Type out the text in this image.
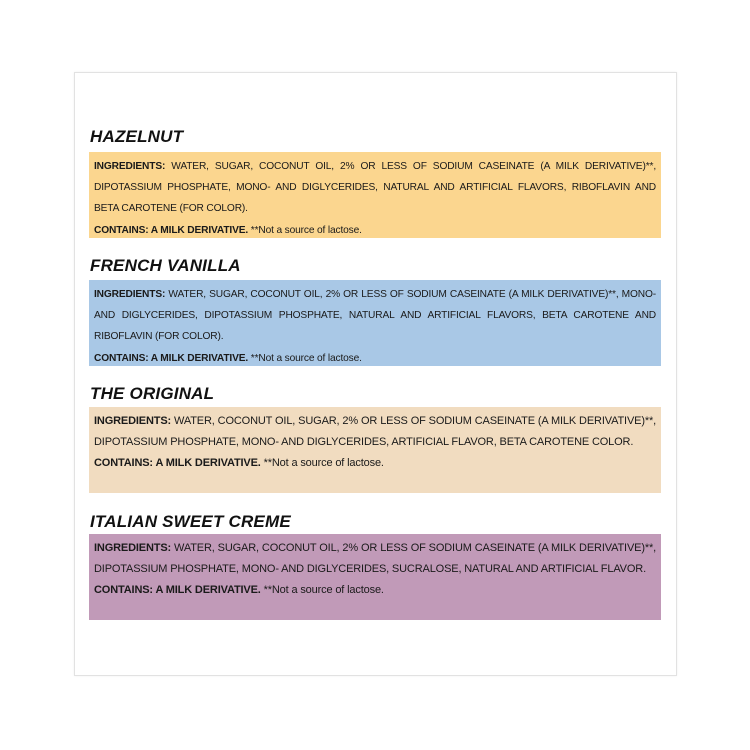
HAZELNUT
INGREDIENTS: WATER, SUGAR, COCONUT OIL, 2% OR LESS OF SODIUM CASEINATE (A MILK DERIVATIVE)**, DIPOTASSIUM PHOSPHATE, MONO- AND DIGLYCERIDES, NATURAL AND ARTIFICIAL FLAVORS, RIBOFLAVIN AND BETA CAROTENE (FOR COLOR).
CONTAINS: A MILK DERIVATIVE. **Not a source of lactose.
FRENCH VANILLA
INGREDIENTS: WATER, SUGAR, COCONUT OIL, 2% OR LESS OF SODIUM CASEINATE (A MILK DERIVATIVE)**, MONO- AND DIGLYCERIDES, DIPOTASSIUM PHOSPHATE, NATURAL AND ARTIFICIAL FLAVORS, BETA CAROTENE AND RIBOFLAVIN (FOR COLOR).
CONTAINS: A MILK DERIVATIVE. **Not a source of lactose.
THE ORIGINAL
INGREDIENTS: WATER, COCONUT OIL, SUGAR, 2% OR LESS OF SODIUM CASEINATE (A MILK DERIVATIVE)**, DIPOTASSIUM PHOSPHATE, MONO- AND DIGLYCERIDES, ARTIFICIAL FLAVOR, BETA CAROTENE COLOR.
CONTAINS: A MILK DERIVATIVE. **Not a source of lactose.
ITALIAN SWEET CREME
INGREDIENTS: WATER, SUGAR, COCONUT OIL, 2% OR LESS OF SODIUM CASEINATE (A MILK DERIVATIVE)**, DIPOTASSIUM PHOSPHATE, MONO- AND DIGLYCERIDES, SUCRALOSE, NATURAL AND ARTIFICIAL FLAVOR.
CONTAINS: A MILK DERIVATIVE. **Not a source of lactose.
